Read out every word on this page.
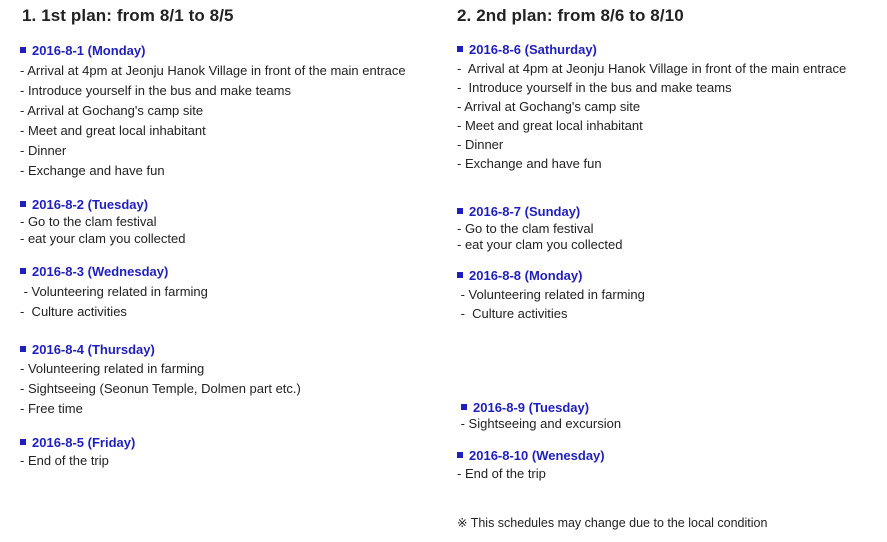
1. 1st plan: from 8/1 to 8/5
2016-8-1 (Monday)
- Arrival at 4pm at Jeonju Hanok Village in front of the main entrace
- Introduce yourself in the bus and make teams
- Arrival at Gochang's camp site
- Meet and great local inhabitant
- Dinner
- Exchange and have fun
2016-8-2 (Tuesday)
- Go to the clam festival
- eat your clam you collected
2016-8-3 (Wednesday)
- Volunteering related in farming
-  Culture activities
2016-8-4 (Thursday)
- Volunteering related in farming
- Sightseeing (Seonun Temple, Dolmen part etc.)
- Free time
2016-8-5 (Friday)
- End of the trip
2. 2nd plan: from 8/6 to 8/10
2016-8-6 (Sathurday)
-  Arrival at 4pm at Jeonju Hanok Village in front of the main entrace
-  Introduce yourself in the bus and make teams
- Arrival at Gochang's camp site
- Meet and great local inhabitant
- Dinner
- Exchange and have fun
2016-8-7 (Sunday)
- Go to the clam festival
- eat your clam you collected
2016-8-8 (Monday)
- Volunteering related in farming
-  Culture activities
2016-8-9 (Tuesday)
- Sightseeing and excursion
2016-8-10 (Wenesday)
- End of the trip
※ This schedules may change due to the local condition
